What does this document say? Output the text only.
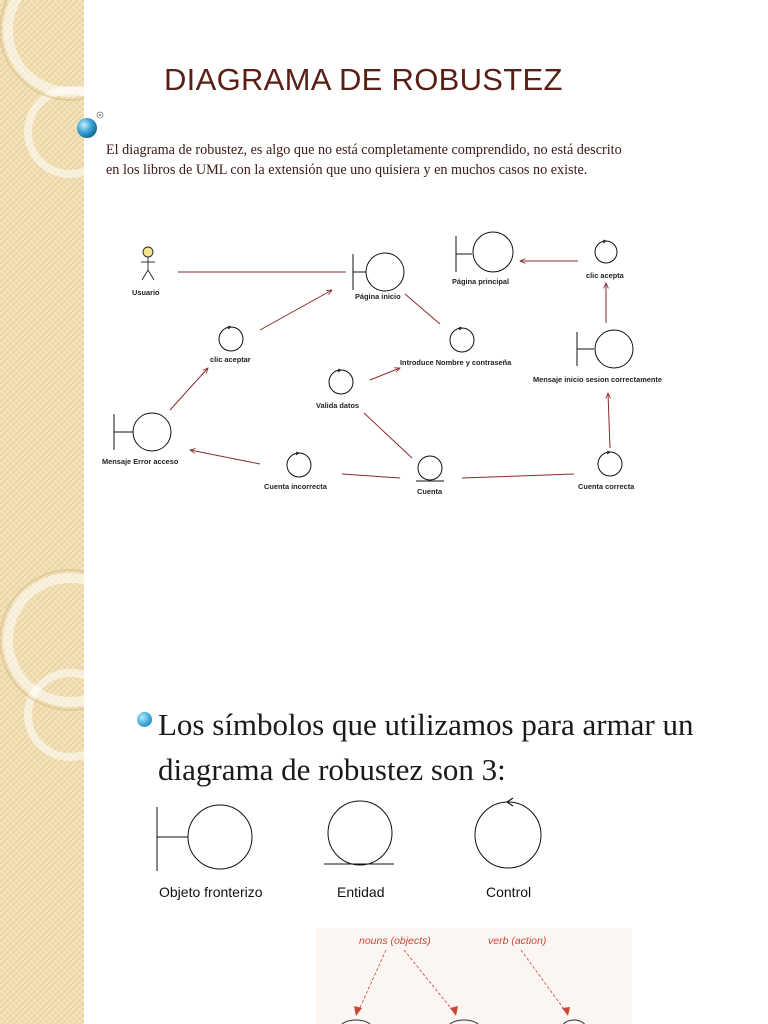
DIAGRAMA DE ROBUSTEZ
El diagrama de robustez, es algo que no está completamente comprendido, no está descrito en los libros de UML con la extensión que uno quisiera y en muchos casos no existe.
Usuario	Página inicio
Página principal
clic acepta
clic aceptar	Introduce Nombre y contraseña
Mensaje inicio sesion correctamente
Valida datos
Mensaje Error acceso
Cuenta incorrecta
Cuenta
Cuenta correcta
Los símbolos que utilizamos para armar un diagrama de robustez son 3:
Objeto fronterizo	Entidad	Control
nouns (objects)	verb (action)
